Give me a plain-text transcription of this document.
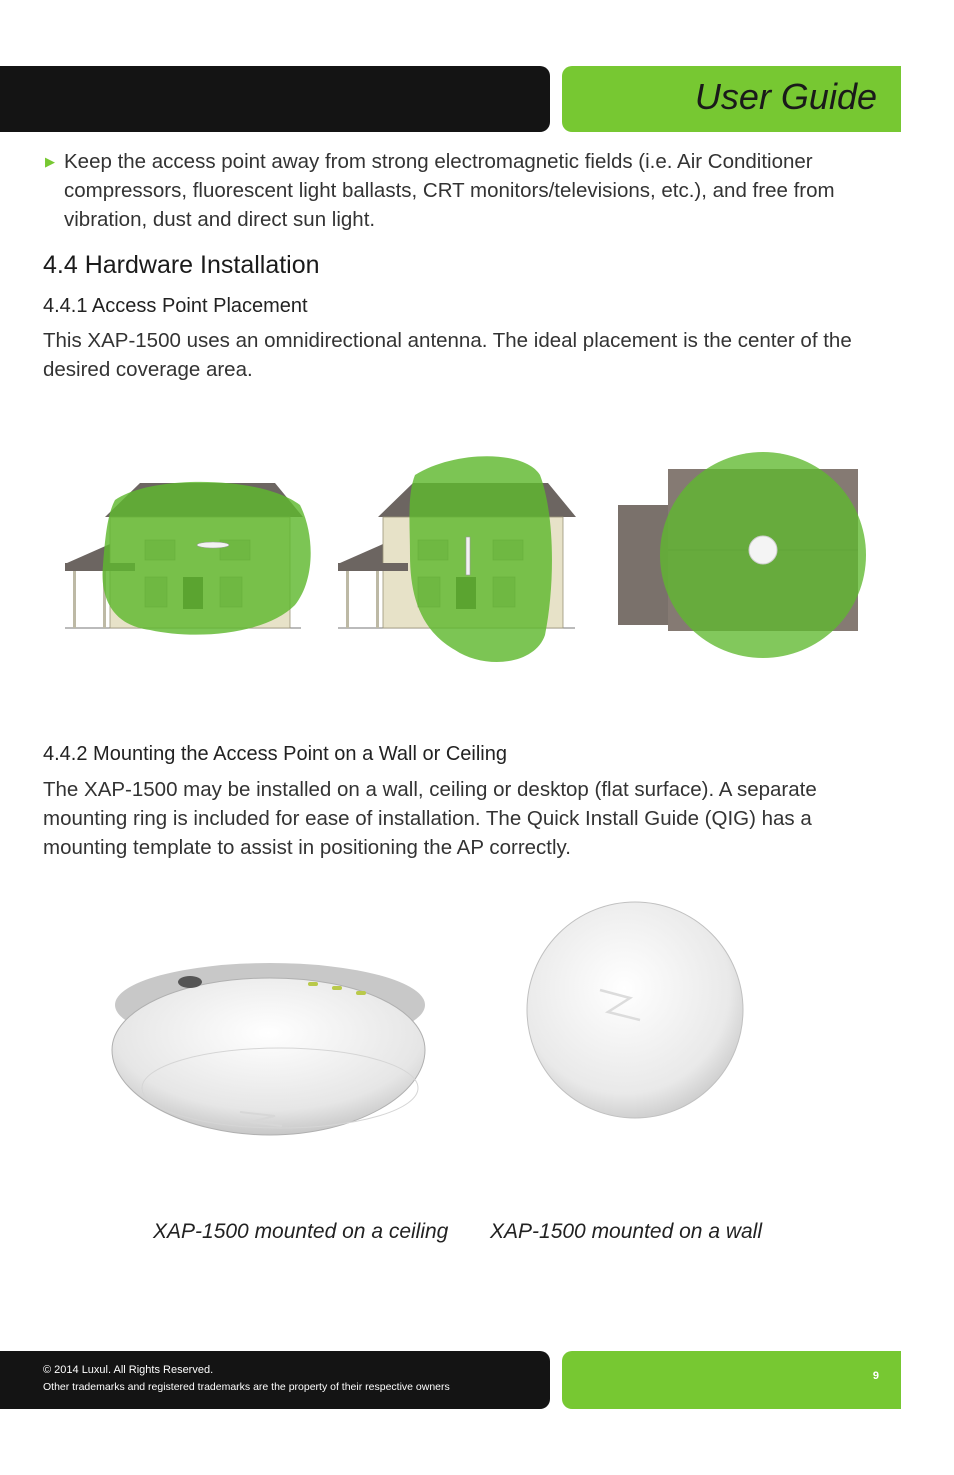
User Guide
▶ Keep the access point away from strong electromagnetic fields (i.e. Air Conditioner compressors, fluorescent light ballasts, CRT monitors/televisions, etc.), and free from vibration, dust and direct sun light.
4.4 Hardware Installation
4.4.1 Access Point Placement
This XAP-1500 uses an omnidirectional antenna. The ideal placement is the center of the desired coverage area.
4.4.2 Mounting the Access Point on a Wall or Ceiling
The XAP-1500 may be installed on a wall, ceiling or desktop (flat surface). A separate mounting ring is included for ease of installation. The Quick Install Guide (QIG) has a mounting template to assist in positioning the AP correctly.
XAP-1500 mounted on a ceiling XAP-1500 mounted on a wall
© 2014 Luxul. All Rights Reserved.
Other trademarks and registered trademarks are the property of their respective owners
9
